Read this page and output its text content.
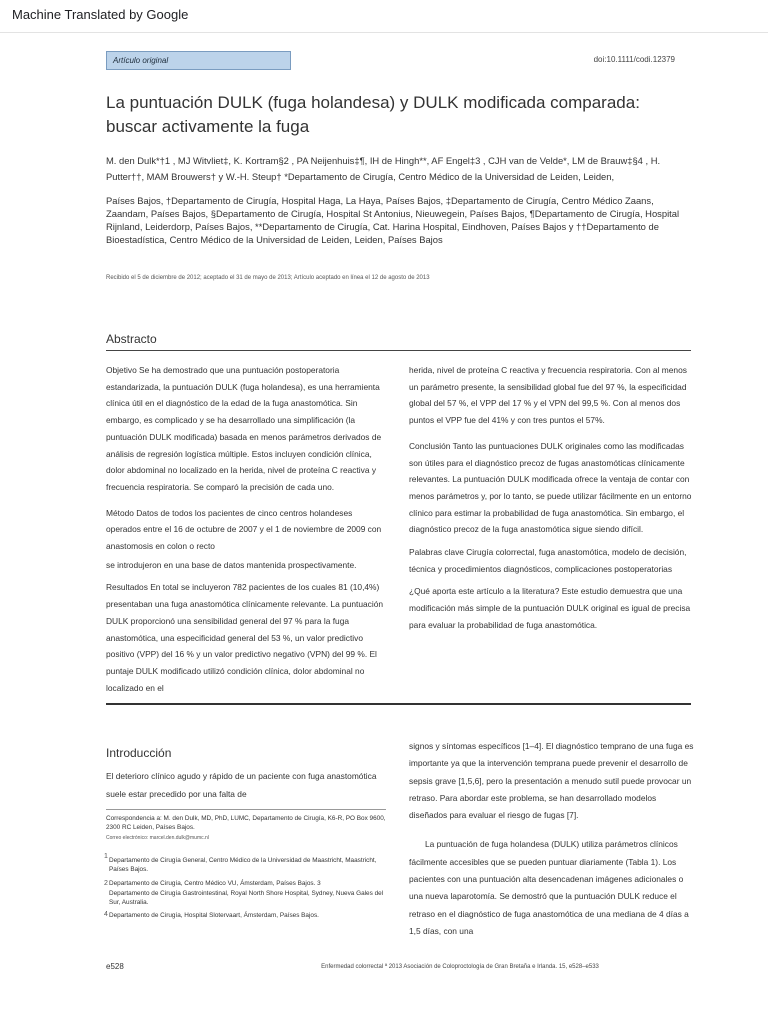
Machine Translated by Google
Artículo original	doi:10.1111/codi.12379
La puntuación DULK (fuga holandesa) y DULK modificada comparada: buscar activamente la fuga
M. den Dulk*†1 , MJ Witvliet‡, K. Kortram§2 , PA Neijenhuis‡¶, IH de Hingh**, AF Engel‡3 , CJH van de Velde*, LM de Brauw‡§4 , H. Putter††, MAM Brouwers† y W.-H. Steup† *Departamento de Cirugía, Centro Médico de la Universidad de Leiden, Leiden,
Países Bajos, †Departamento de Cirugía, Hospital Haga, La Haya, Países Bajos, ‡Departamento de Cirugía, Centro Médico Zaans, Zaandam, Países Bajos, §Departamento de Cirugía, Hospital St Antonius, Nieuwegein, Países Bajos, ¶Departamento de Cirugía, Hospital Rijnland, Leiderdorp, Países Bajos, **Departamento de Cirugía, Cat. Harina Hospital, Eindhoven, Países Bajos y ††Departamento de Bioestadística, Centro Médico de la Universidad de Leiden, Leiden, Países Bajos
Recibido el 5 de diciembre de 2012; aceptado el 31 de mayo de 2013; Artículo aceptado en línea el 12 de agosto de 2013
Abstracto

Objetivo Se ha demostrado que una puntuación postoperatoria estandarizada, la puntuación DULK (fuga holandesa), es una herramienta clínica útil en el diagnóstico de la edad de la fuga anastomótica. Sin embargo, es complicado y se ha desarrollado una simplificación (la puntuación DULK modificada) basada en menos parámetros derivados de análisis de regresión logística múltiple. Estos incluyen condición clínica, dolor abdominal no localizado en la herida, nivel de proteína C reactiva y frecuencia respiratoria. Se comparó la precisión de cada uno.

Método Datos de todos los pacientes de cinco centros holandeses operados entre el 16 de octubre de 2007 y el 1 de noviembre de 2009 con anastomosis en colon o recto

se introdujeron en una base de datos mantenida prospectivamente.

Resultados En total se incluyeron 782 pacientes de los cuales 81 (10,4%) presentaban una fuga anastomótica clínicamente relevante. La puntuación DULK proporcionó una sensibilidad general del 97 % para la fuga anastomótica, una especificidad general del 53 %, un valor predictivo positivo (VPP) del 16 % y un valor predictivo negativo (VPN) del 99 %. El puntaje DULK modificado utilizó condición clínica, dolor abdominal no localizado en el

herida, nivel de proteína C reactiva y frecuencia respiratoria. Con al menos un parámetro presente, la sensibilidad global fue del 97 %, la especificidad global del 57 %, el VPP del 17 % y el VPN del 99,5 %. Con al menos dos puntos el VPP fue del 41% y con tres puntos el 57%.

Conclusión Tanto las puntuaciones DULK originales como las modificadas son útiles para el diagnóstico precoz de fugas anastomóticas clínicamente relevantes. La puntuación DULK modificada ofrece la ventaja de contar con menos parámetros y, por lo tanto, se puede utilizar fácilmente en un entorno clínico para estimar la probabilidad de fuga anastomótica. Sin embargo, el diagnóstico precoz de la fuga anastomótica sigue siendo difícil.

Palabras clave Cirugía colorrectal, fuga anastomótica, modelo de decisión, técnica y procedimientos diagnósticos, complicaciones postoperatorias

¿Qué aporta este artículo a la literatura? Este estudio demuestra que una modificación más simple de la puntuación DULK original es igual de precisa para evaluar la probabilidad de fuga anastomótica.

Introducción
El deterioro clínico agudo y rápido de un paciente con fuga anastomótica suele estar precedido por una falta de

Correspondencia a: M. den Dulk, MD, PhD, LUMC, Departamento de Cirugía, K6-R, PO Box 9600, 2300 RC Leiden, Países Bajos.

Correo electrónico: marcel.den.dulk@mumc.nl

Departamento de Cirugía General, Centro Médico de la Universidad de Maastricht, Maastricht, Países Bajos.

Departamento de Cirugía, Centro Médico VU, Ámsterdam, Países Bajos. 3

Departamento de Cirugía Gastrointestinal, Royal North Shore Hospital, Sydney, Nueva Gales del Sur, Australia.

Departamento de Cirugía, Hospital Slotervaart, Ámsterdam, Países Bajos.

1
2
4

signos y síntomas específicos [1–4]. El diagnóstico temprano de una fuga es importante ya que la intervención temprana puede prevenir el desarrollo de sepsis grave [1,5,6], pero la presentación a menudo sutil puede provocar un retraso. Para abordar este problema, se han desarrollado modelos diseñados para evaluar el riesgo de fugas [7].

La puntuación de fuga holandesa (DULK) utiliza parámetros clínicos fácilmente accesibles que se pueden puntuar diariamente (Tabla 1). Los pacientes con una puntuación alta desencadenan imágenes adicionales o una nueva laparotomía. Se demostró que la puntuación DULK reduce el retraso en el diagnóstico de fuga anastomótica de una mediana de 4 días a 1,5 días, con una

e528	Enfermedad colorrectal ª 2013 Asociación de Coloproctología de Gran Bretaña e Irlanda. 15, e528–e533
